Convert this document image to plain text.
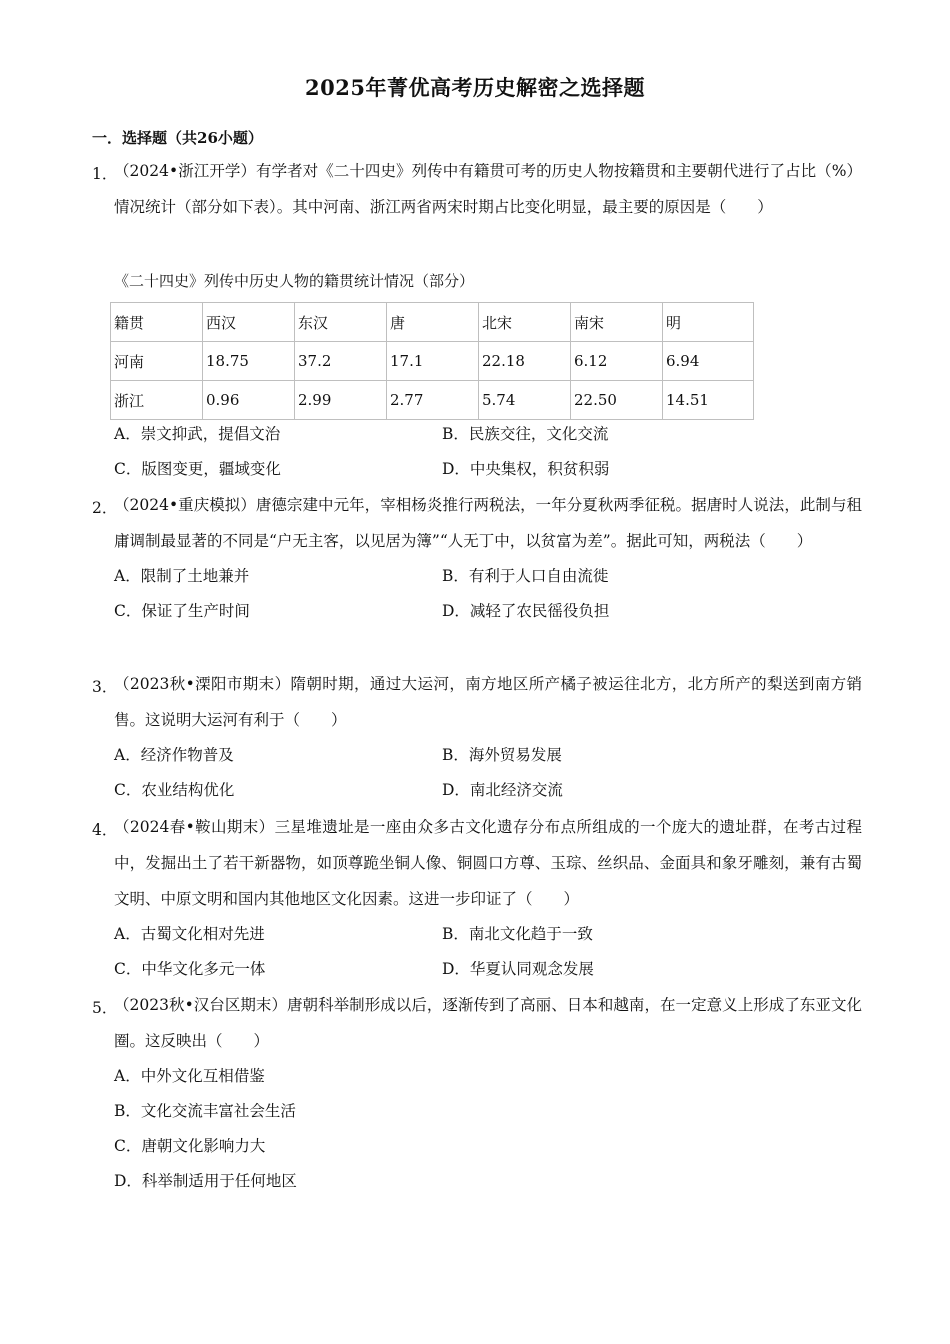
2025年菁优高考历史解密之选择题
一．选择题（共26小题）
1．
（2024•浙江开学）有学者对《二十四史》列传中有籍贯可考的历史人物按籍贯和主要朝代进行了占比（%）情况统计（部分如下表）。其中河南、浙江两省两宋时期占比变化明显，最主要的原因是（　　）
《二十四史》列传中历史人物的籍贯统计情况（部分）
籍贯	西汉	东汉	唐	北宋	南宋	明
河南	18.75	37.2	17.1	22.18	6.12	6.94
浙江	0.96	2.99	2.77	5.74	22.50	14.51
A．崇文抑武，提倡文治	B．民族交往，文化交流
C．版图变更，疆域变化	D．中央集权，积贫积弱
2．
（2024•重庆模拟）唐德宗建中元年，宰相杨炎推行两税法，一年分夏秋两季征税。据唐时人说法，此制与租庸调制最显著的不同是“户无主客，以见居为簿”“人无丁中，以贫富为差”。据此可知，两税法（　　）
A．限制了土地兼并	B．有利于人口自由流徙
C．保证了生产时间	D．减轻了农民徭役负担
3．
（2023秋•溧阳市期末）隋朝时期，通过大运河，南方地区所产橘子被运往北方，北方所产的梨送到南方销售。这说明大运河有利于（　　）
A．经济作物普及	B．海外贸易发展
C．农业结构优化	D．南北经济交流
4．
（2024春•鞍山期末）三星堆遗址是一座由众多古文化遗存分布点所组成的一个庞大的遗址群，在考古过程中，发掘出土了若干新器物，如顶尊跪坐铜人像、铜圆口方尊、玉琮、丝织品、金面具和象牙雕刻，兼有古蜀文明、中原文明和国内其他地区文化因素。这进一步印证了（　　）
A．古蜀文化相对先进	B．南北文化趋于一致
C．中华文化多元一体	D．华夏认同观念发展
5．
（2023秋•汉台区期末）唐朝科举制形成以后，逐渐传到了高丽、日本和越南，在一定意义上形成了东亚文化圈。这反映出（　　）
A．中外文化互相借鉴
B．文化交流丰富社会生活
C．唐朝文化影响力大
D．科举制适用于任何地区
